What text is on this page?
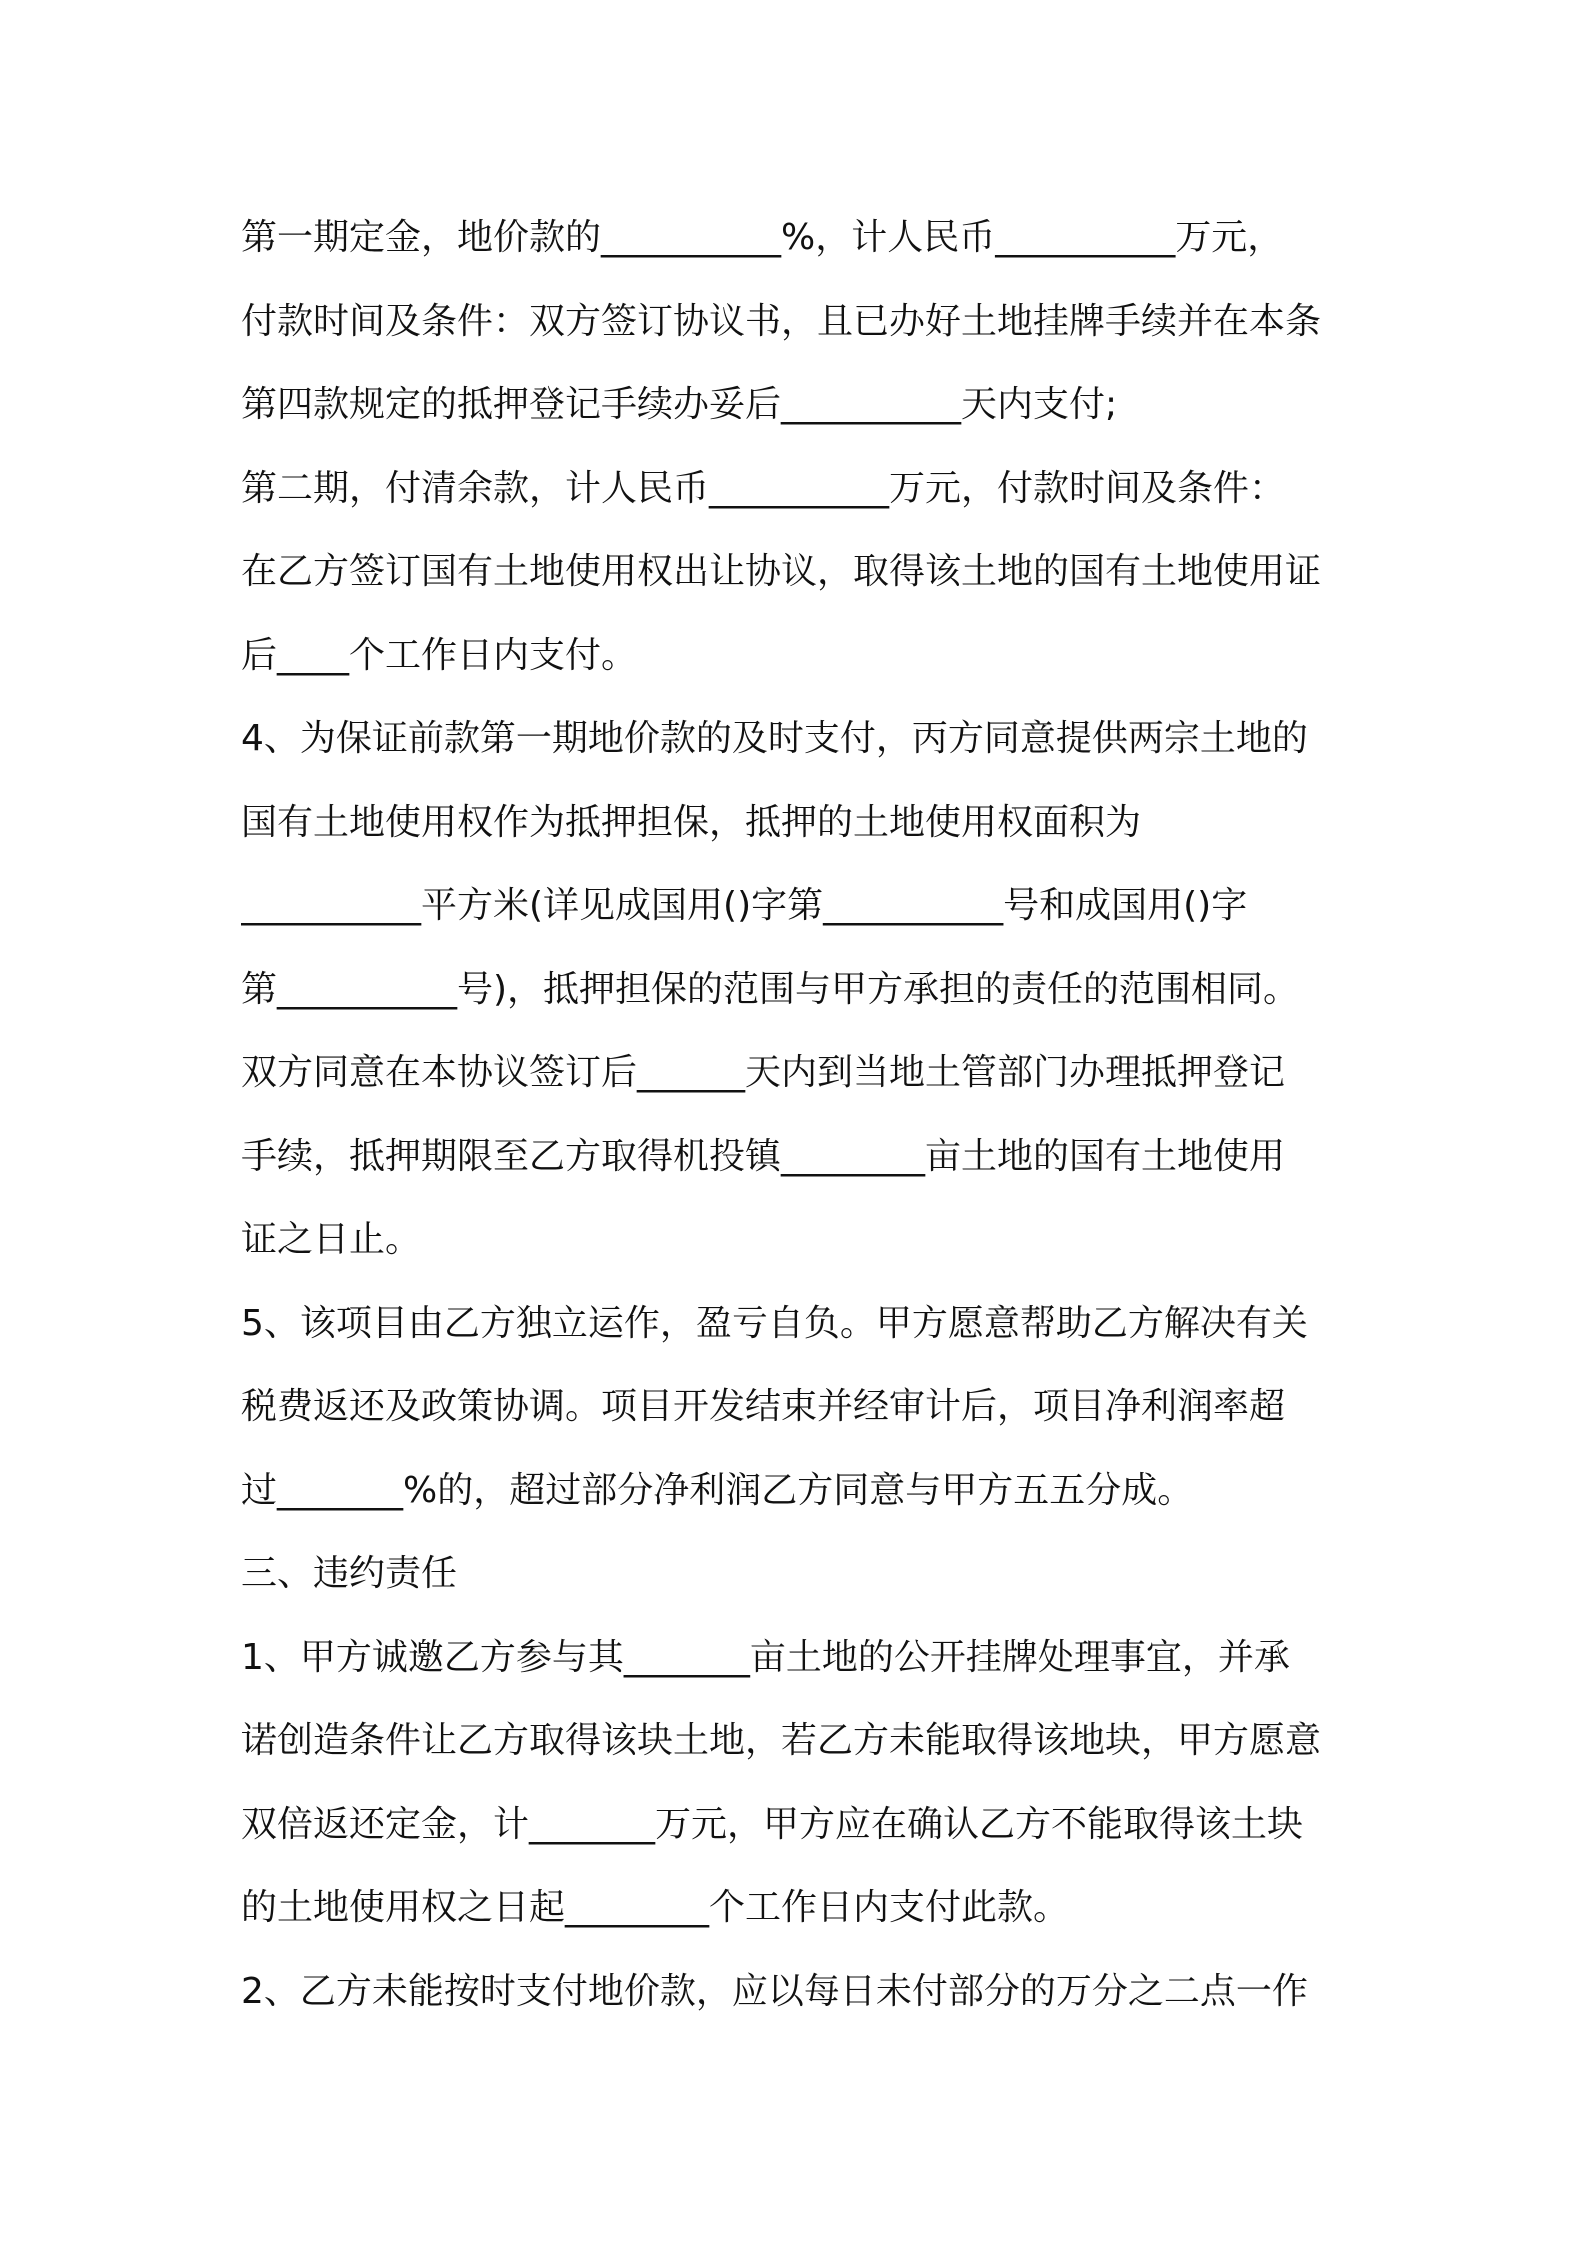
第一期定金，地价款的__________%，计人民币__________万元，
付款时间及条件：双方签订协议书，且已办好土地挂牌手续并在本条
第四款规定的抵押登记手续办妥后__________天内支付;
第二期，付清余款，计人民币__________万元，付款时间及条件：
在乙方签订国有土地使用权出让协议，取得该土地的国有土地使用证
后____个工作日内支付。
4、为保证前款第一期地价款的及时支付，丙方同意提供两宗土地的
国有土地使用权作为抵押担保，抵押的土地使用权面积为
__________平方米(详见成国用()字第__________号和成国用()字
第__________号)，抵押担保的范围与甲方承担的责任的范围相同。
双方同意在本协议签订后______天内到当地土管部门办理抵押登记
手续，抵押期限至乙方取得机投镇________亩土地的国有土地使用
证之日止。
5、该项目由乙方独立运作，盈亏自负。甲方愿意帮助乙方解决有关
税费返还及政策协调。项目开发结束并经审计后，项目净利润率超
过_______%的，超过部分净利润乙方同意与甲方五五分成。
三、违约责任
1、甲方诚邀乙方参与其_______亩土地的公开挂牌处理事宜，并承
诺创造条件让乙方取得该块土地，若乙方未能取得该地块，甲方愿意
双倍返还定金，计_______万元，甲方应在确认乙方不能取得该土块
的土地使用权之日起________个工作日内支付此款。
2、乙方未能按时支付地价款，应以每日未付部分的万分之二点一作
